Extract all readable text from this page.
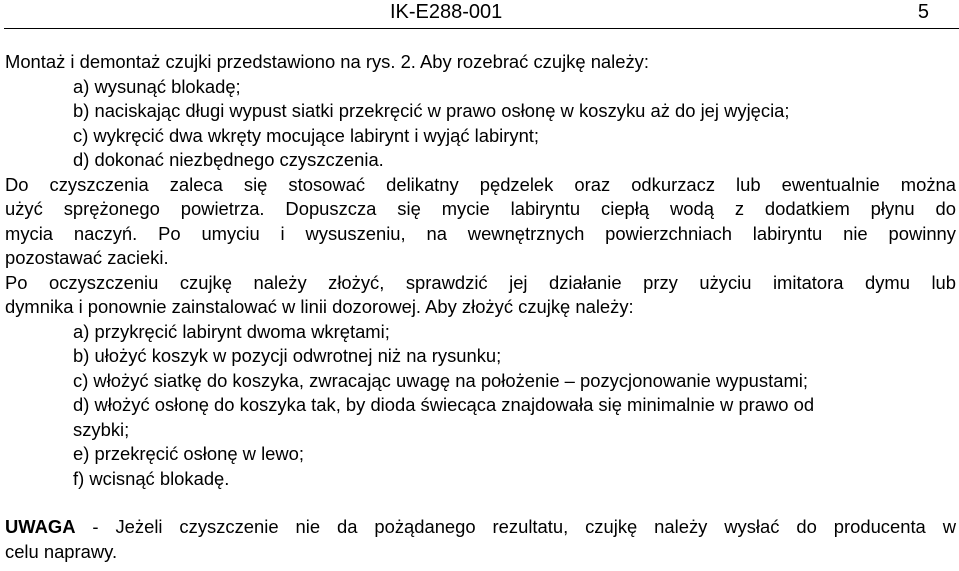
IK-E288-001	5
Montaż i demontaż czujki przedstawiono na rys. 2. Aby rozebrać czujkę należy:
a) wysunąć blokadę;
b) naciskając długi wypust siatki przekręcić w prawo osłonę w koszyku aż do jej wyjęcia;
c) wykręcić dwa wkręty mocujące labirynt i wyjąć labirynt;
d) dokonać niezbędnego czyszczenia.
Do czyszczenia zaleca się stosować delikatny pędzelek oraz odkurzacz lub ewentualnie można
użyć sprężonego powietrza. Dopuszcza się mycie labiryntu ciepłą wodą z dodatkiem płynu do
mycia naczyń. Po umyciu i wysuszeniu, na wewnętrznych powierzchniach labiryntu nie powinny
pozostawać zacieki.
Po oczyszczeniu czujkę należy złożyć, sprawdzić jej działanie przy użyciu imitatora dymu lub
dymnika i ponownie zainstalować w linii dozorowej. Aby złożyć czujkę należy:
a) przykręcić labirynt dwoma wkrętami;
b) ułożyć koszyk w pozycji odwrotnej niż na rysunku;
c) włożyć siatkę do koszyka, zwracając uwagę na położenie – pozycjonowanie wypustami;
d) włożyć osłonę do koszyka tak, by dioda świecąca znajdowała się minimalnie w prawo od
szybki;
e) przekręcić osłonę w lewo;
f) wcisnąć blokadę.
UWAGA - Jeżeli czyszczenie nie da pożądanego rezultatu, czujkę należy wysłać do producenta w
celu naprawy.
